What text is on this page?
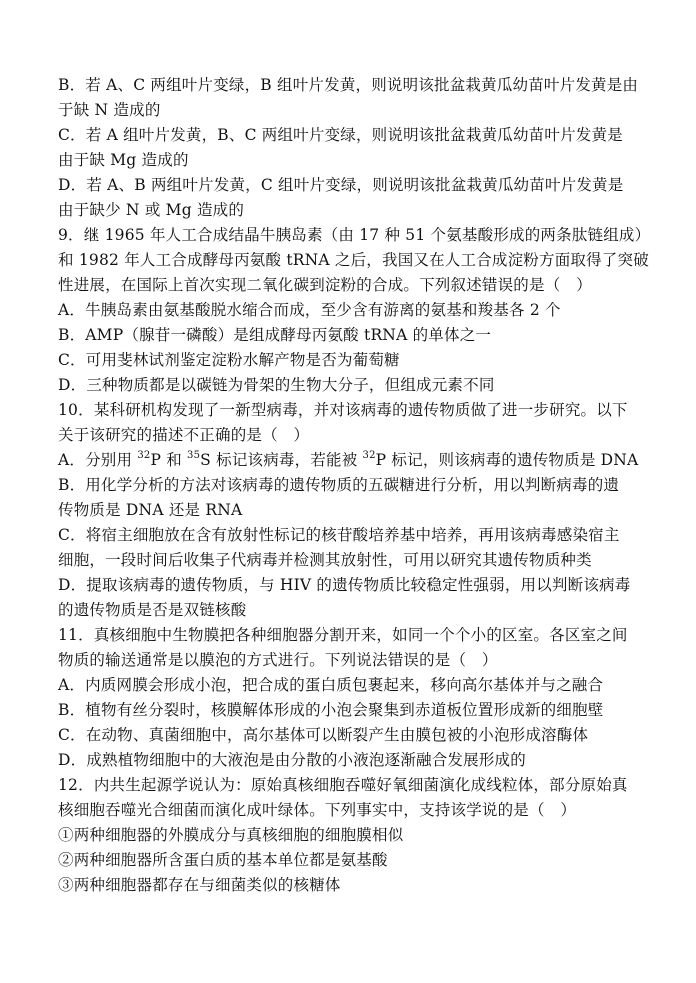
B．若 A、C 两组叶片变绿，B 组叶片发黄，则说明该批盆栽黄瓜幼苗叶片发黄是由
于缺 N 造成的
C．若 A 组叶片发黄，B、C 两组叶片变绿，则说明该批盆栽黄瓜幼苗叶片发黄是
由于缺 Mg 造成的
D．若 A、B 两组叶片发黄，C 组叶片变绿，则说明该批盆栽黄瓜幼苗叶片发黄是
由于缺少 N 或 Mg 造成的
9．继 1965 年人工合成结晶牛胰岛素（由 17 种 51 个氨基酸形成的两条肽链组成）
和 1982 年人工合成酵母丙氨酸 tRNA 之后，我国又在人工合成淀粉方面取得了突破
性进展，在国际上首次实现二氧化碳到淀粉的合成。下列叙述错误的是（　）
A．牛胰岛素由氨基酸脱水缩合而成，至少含有游离的氨基和羧基各 2 个
B．AMP（腺苷一磷酸）是组成酵母丙氨酸 tRNA 的单体之一
C．可用斐林试剂鉴定淀粉水解产物是否为葡萄糖
D．三种物质都是以碳链为骨架的生物大分子，但组成元素不同
10．某科研机构发现了一新型病毒，并对该病毒的遗传物质做了进一步研究。以下
关于该研究的描述不正确的是（　）
A．分别用 $^{32}$P 和 $^{35}$S 标记该病毒，若能被 $^{32}$P 标记，则该病毒的遗传物质是 DNA
B．用化学分析的方法对该病毒的遗传物质的五碳糖进行分析，用以判断病毒的遗
传物质是 DNA 还是 RNA
C．将宿主细胞放在含有放射性标记的核苷酸培养基中培养，再用该病毒感染宿主
细胞，一段时间后收集子代病毒并检测其放射性，可用以研究其遗传物质种类
D．提取该病毒的遗传物质，与 HIV 的遗传物质比较稳定性强弱，用以判断该病毒
的遗传物质是否是双链核酸
11．真核细胞中生物膜把各种细胞器分割开来，如同一个个小的区室。各区室之间
物质的输送通常是以膜泡的方式进行。下列说法错误的是（　）
A．内质网膜会形成小泡，把合成的蛋白质包裹起来，移向高尔基体并与之融合
B．植物有丝分裂时，核膜解体形成的小泡会聚集到赤道板位置形成新的细胞壁
C．在动物、真菌细胞中，高尔基体可以断裂产生由膜包被的小泡形成溶酶体
D．成熟植物细胞中的大液泡是由分散的小液泡逐渐融合发展形成的
12．内共生起源学说认为：原始真核细胞吞噬好氧细菌演化成线粒体，部分原始真
核细胞吞噬光合细菌而演化成叶绿体。下列事实中，支持该学说的是（　）
①两种细胞器的外膜成分与真核细胞的细胞膜相似
②两种细胞器所含蛋白质的基本单位都是氨基酸
③两种细胞器都存在与细菌类似的核糖体
